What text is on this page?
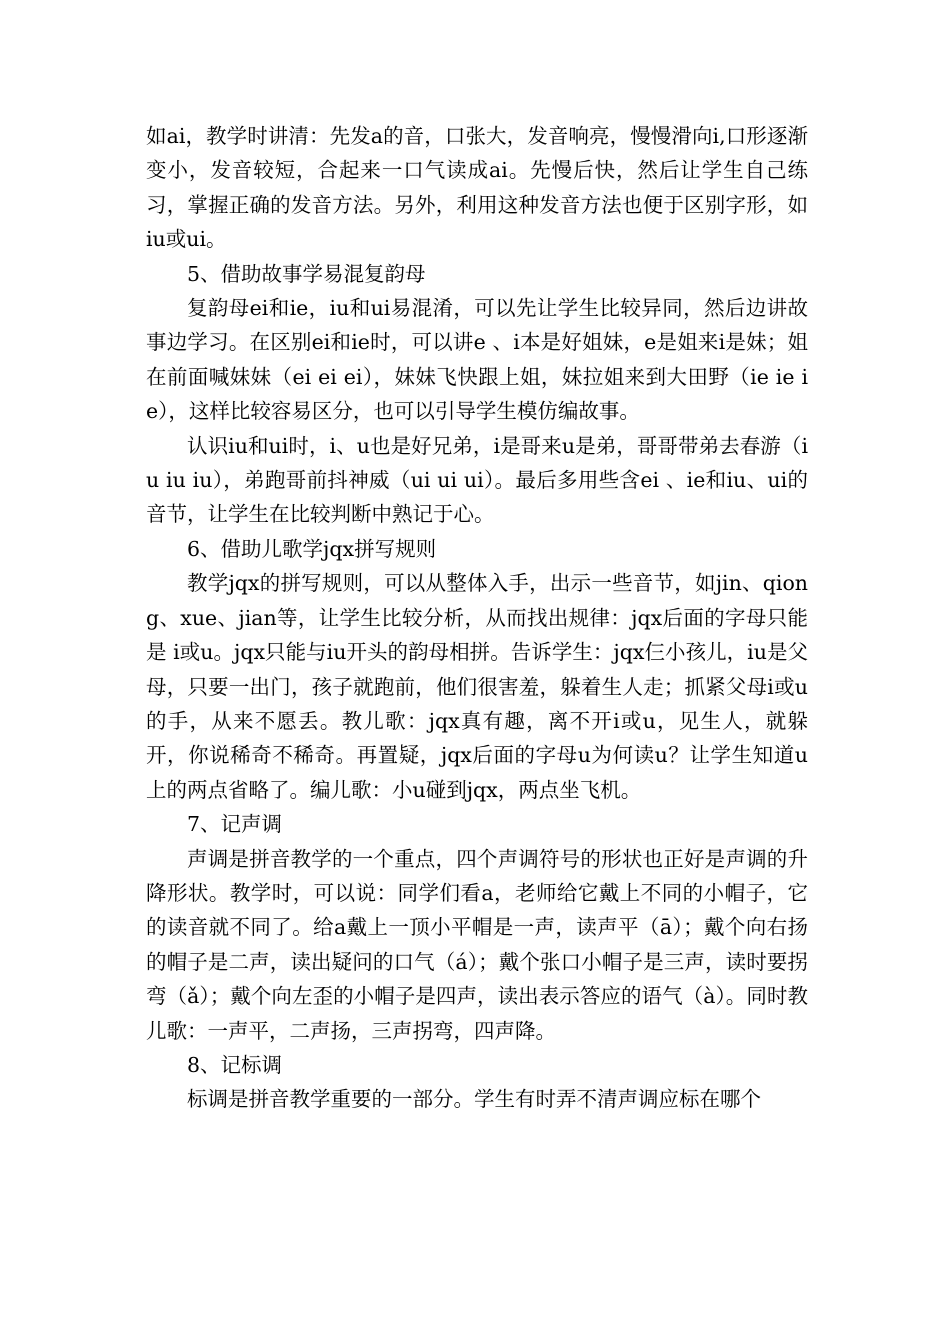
如ai，教学时讲清：先发a的音，口张大，发音响亮，慢慢滑向i,口形逐渐变小，发音较短，合起来一口气读成ai。先慢后快，然后让学生自己练习，掌握正确的发音方法。另外，利用这种发音方法也便于区别字形，如iu或ui。

5、借助故事学易混复韵母

复韵母ei和ie，iu和ui易混淆，可以先让学生比较异同，然后边讲故事边学习。在区别ei和ie时，可以讲e 、i本是好姐妹，e是姐来i是妹；姐在前面喊妹妹（ei ei ei），妹妹飞快跟上姐，妹拉姐来到大田野（ie ie ie），这样比较容易区分，也可以引导学生模仿编故事。

认识iu和ui时，i、u也是好兄弟，i是哥来u是弟，哥哥带弟去春游（iu iu iu），弟跑哥前抖神威（ui ui ui）。最后多用些含ei 、ie和iu、ui的音节，让学生在比较判断中熟记于心。

6、借助儿歌学jqx拼写规则

教学jqx的拼写规则，可以从整体入手，出示一些音节，如jin、qiong、xue、jian等，让学生比较分析，从而找出规律：jqx后面的字母只能是 i或u。jqx只能与iu开头的韵母相拼。告诉学生：jqx仨小孩儿，iu是父母，只要一出门，孩子就跑前，他们很害羞，躲着生人走；抓紧父母i或u的手，从来不愿丢。教儿歌：jqx真有趣，离不开i或u，见生人，就躲开，你说稀奇不稀奇。再置疑，jqx后面的字母u为何读u？让学生知道u上的两点省略了。编儿歌：小u碰到jqx，两点坐飞机。

7、记声调

声调是拼音教学的一个重点，四个声调符号的形状也正好是声调的升降形状。教学时，可以说：同学们看a，老师给它戴上不同的小帽子，它的读音就不同了。给a戴上一顶小平帽是一声，读声平（ā）；戴个向右扬的帽子是二声，读出疑问的口气（á）；戴个张口小帽子是三声，读时要拐弯（ǎ）；戴个向左歪的小帽子是四声，读出表示答应的语气（à）。同时教儿歌：一声平，二声扬，三声拐弯，四声降。

8、记标调

标调是拼音教学重要的一部分。学生有时弄不清声调应标在哪个
